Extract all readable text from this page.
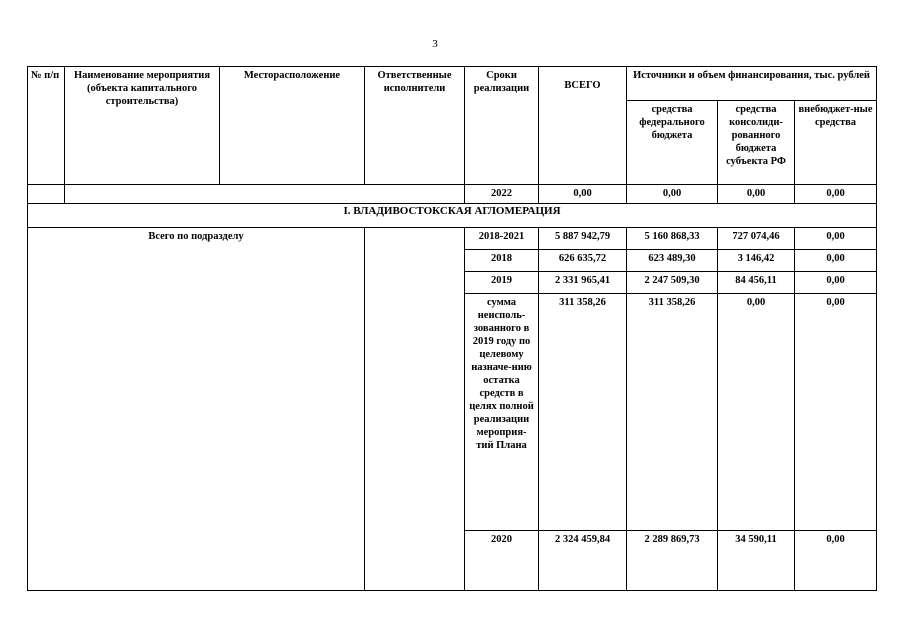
3
№ п/п	Наименование мероприятия (объекта капитального строительства)	Месторасположение	Ответственные исполнители	Сроки реализации	ВСЕГО	Источники и объем финансирования, тыс. рублей		
						средства федерального бюджета	средства консолиди-рованного бюджета субъекта РФ	внебюджет-ные средства
				2022	0,00	0,00	0,00	0,00
I. ВЛАДИВОСТОКСКАЯ АГЛОМЕРАЦИЯ								
Всего по подразделу				2018-2021	5 887 942,79	5 160 868,33	727 074,46	0,00
				2018	626 635,72	623 489,30	3 146,42	0,00
				2019	2 331 965,41	2 247 509,30	84 456,11	0,00
				сумма неисполь-зованного в 2019 году по целевому назначе-нию остатка средств в целях полной реализации мероприя-тий Плана	311 358,26	311 358,26	0,00	0,00
				2020	2 324 459,84	2 289 869,73	34 590,11	0,00
